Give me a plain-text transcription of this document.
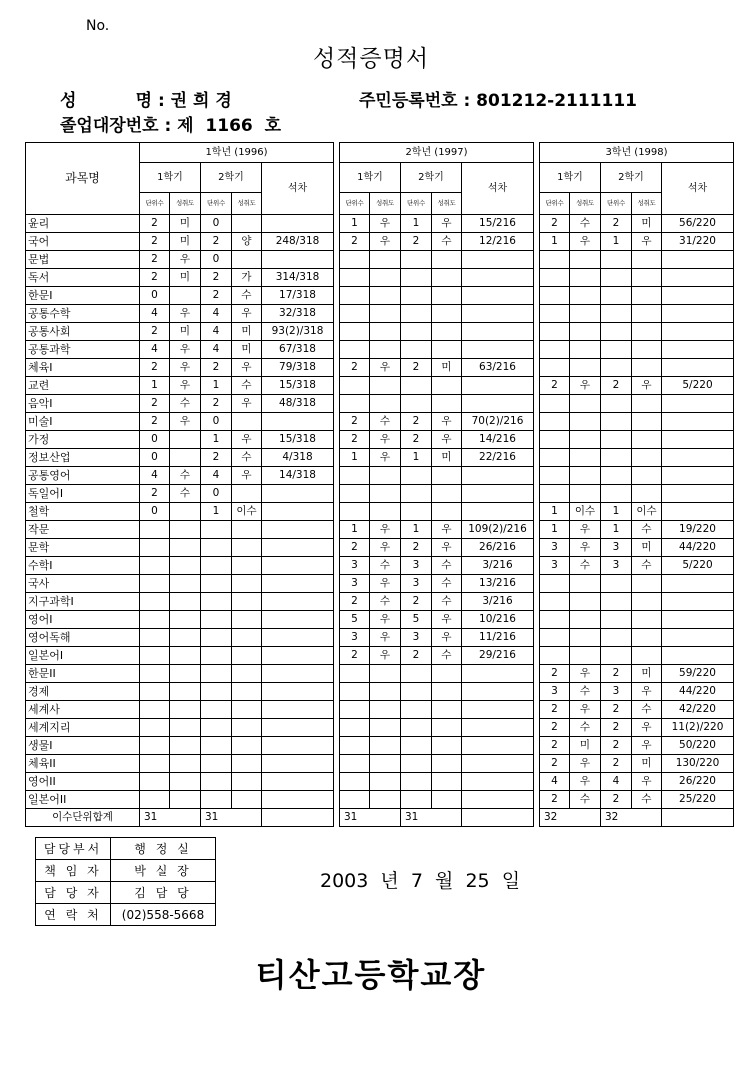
No.
성적증명서
성          명 : 권 희 경	주민등록번호 : 801212-2111111
졸업대장번호 : 제  1166  호
과목명	1학년 (1996)						2학년 (1997)						3학년 (1998)				
	1학기		2학기		석차		1학기		2학기		석차		1학기		2학기		석차
	단위수	성취도	단위수	성취도			단위수	성취도	단위수	성취도			단위수	성취도	단위수	성취도	
윤리	2	미	0				1	우	1	우	15/216		2	수	2	미	56/220
국어	2	미	2	양	248/318		2	우	2	수	12/216		1	우	1	우	31/220
문법	2	우	0														
독서	2	미	2	가	314/318												
한문I	0		2	수	17/318												
공통수학	4	우	4	우	32/318												
공통사회	2	미	4	미	93(2)/318												
공통과학	4	우	4	미	67/318												
체육I	2	우	2	우	79/318		2	우	2	미	63/216						
교련	1	우	1	수	15/318								2	우	2	우	5/220
음악I	2	수	2	우	48/318												
미술I	2	우	0				2	수	2	우	70(2)/216						
가정	0		1	우	15/318		2	우	2	우	14/216						
정보산업	0		2	수	4/318		1	우	1	미	22/216						
공통영어	4	수	4	우	14/318												
독일어I	2	수	0														
철학	0		1	이수									1	이수	1	이수	
작문							1	우	1	우	109(2)/216		1	우	1	수	19/220
문학							2	우	2	우	26/216		3	우	3	미	44/220
수학I							3	수	3	수	3/216		3	수	3	수	5/220
국사							3	우	3	수	13/216						
지구과학I							2	수	2	수	3/216						
영어I							5	우	5	우	10/216						
영어독해							3	우	3	우	11/216						
일본어I							2	우	2	수	29/216						
한문II													2	우	2	미	59/220
경제													3	수	3	우	44/220
세계사													2	우	2	수	42/220
세계지리													2	수	2	우	11(2)/220
생물I													2	미	2	우	50/220
체육II													2	우	2	미	130/220
영어II													4	우	4	우	26/220
일본어II													2	수	2	수	25/220
이수단위합계	31		31				31		31				32		32		
담당부서	행 정 실
책 임 자	박 실 장
담 당 자	김 담 당
연 락 처	(02)558-5668
2003  년  7  월  25  일
티산고등학교장
